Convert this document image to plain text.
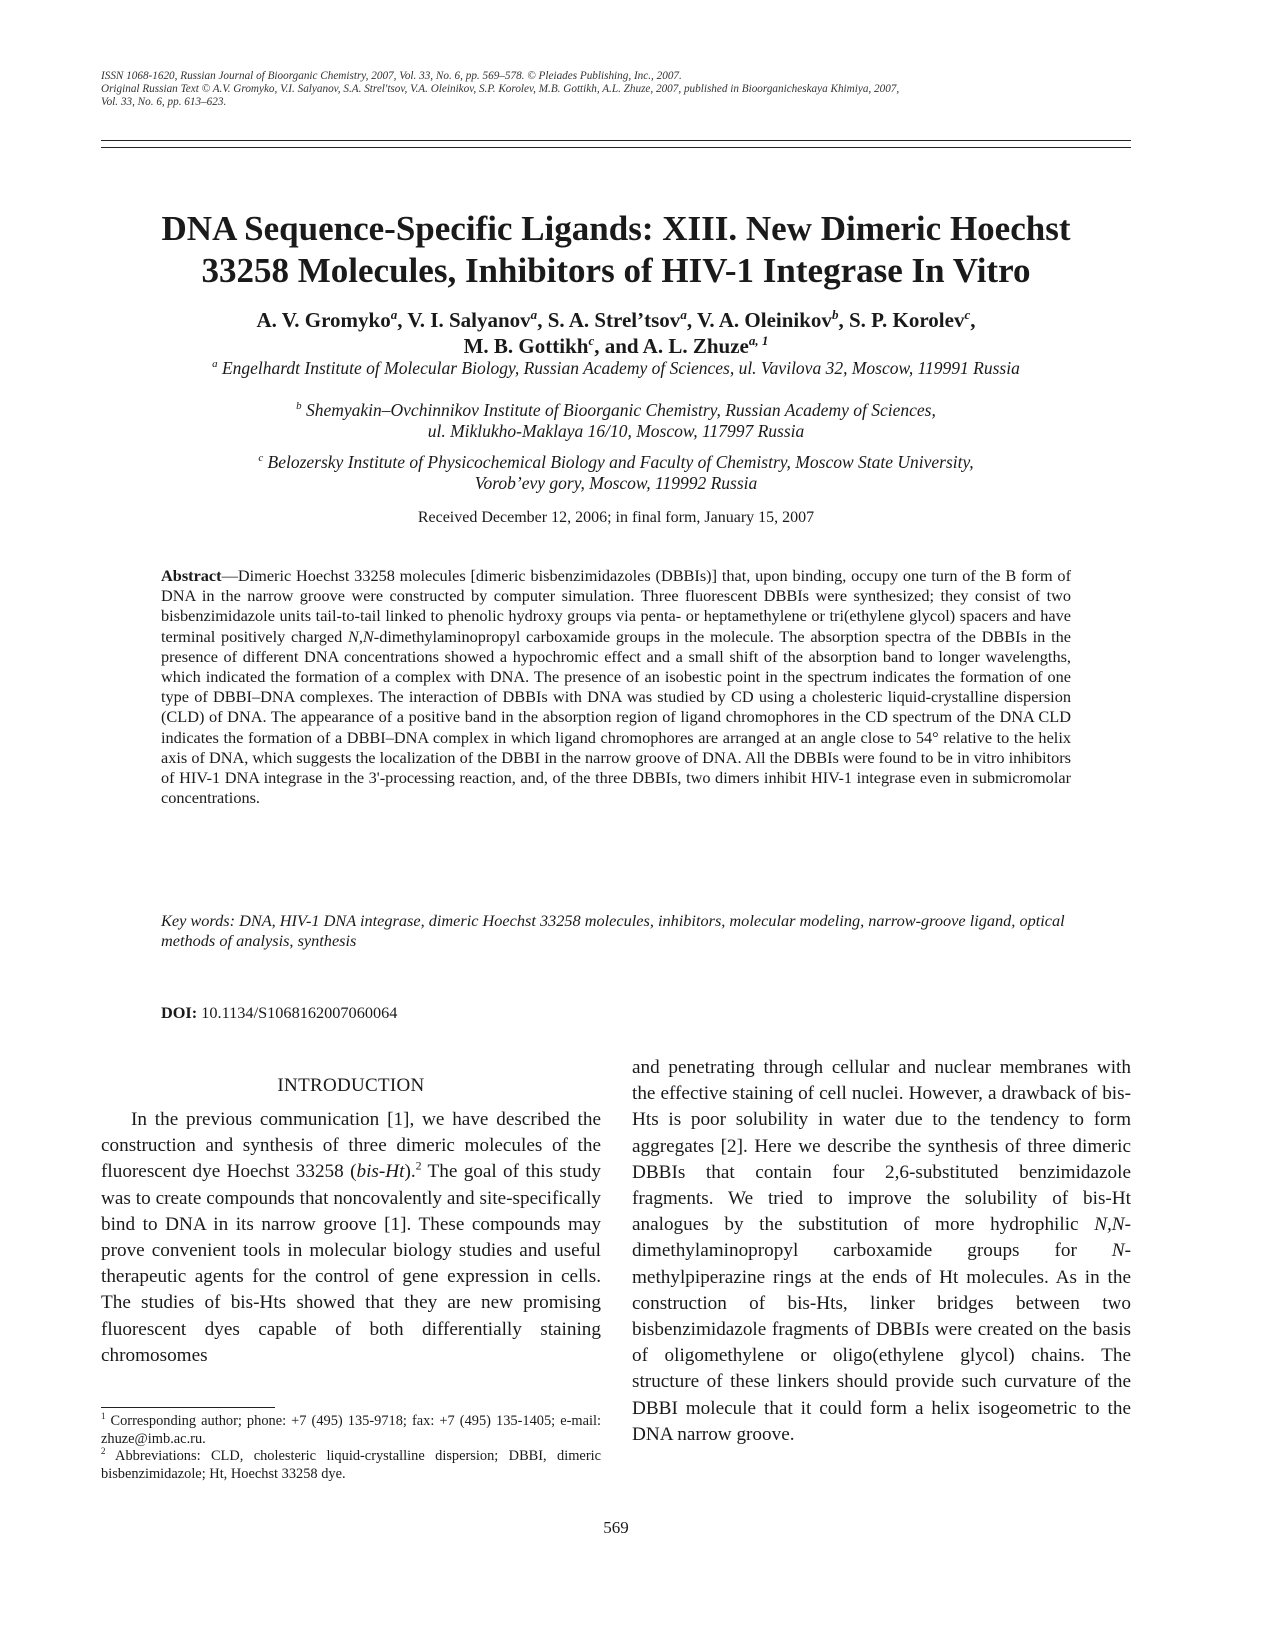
ISSN 1068-1620, Russian Journal of Bioorganic Chemistry, 2007, Vol. 33, No. 6, pp. 569–578. © Pleiades Publishing, Inc., 2007.
Original Russian Text © A.V. Gromyko, V.I. Salyanov, S.A. Strel'tsov, V.A. Oleinikov, S.P. Korolev, M.B. Gottikh, A.L. Zhuze, 2007, published in Bioorganicheskaya Khimiya, 2007,
Vol. 33, No. 6, pp. 613–623.
DNA Sequence-Specific Ligands: XIII. New Dimeric Hoechst
33258 Molecules, Inhibitors of HIV-1 Integrase In Vitro
A. V. Gromyko$^a$, V. I. Salyanov$^a$, S. A. Strel’tsov$^a$, V. A. Oleinikov$^b$, S. P. Korolev$^c$,
M. B. Gottikh$^c$, and A. L. Zhuze$^{a, 1}$
$^a$ Engelhardt Institute of Molecular Biology, Russian Academy of Sciences, ul. Vavilova 32, Moscow, 119991 Russia
$^b$ Shemyakin–Ovchinnikov Institute of Bioorganic Chemistry, Russian Academy of Sciences,
ul. Miklukho-Maklaya 16/10, Moscow, 117997 Russia
$^c$ Belozersky Institute of Physicochemical Biology and Faculty of Chemistry, Moscow State University,
Vorob’evy gory, Moscow, 119992 Russia
Received December 12, 2006; in final form, January 15, 2007
Abstract—Dimeric Hoechst 33258 molecules [dimeric bisbenzimidazoles (DBBIs)] that, upon binding, occupy one turn of the B form of DNA in the narrow groove were constructed by computer simulation. Three fluorescent DBBIs were synthesized; they consist of two bisbenzimidazole units tail-to-tail linked to phenolic hydroxy groups via penta- or heptamethylene or tri(ethylene glycol) spacers and have terminal positively charged N,N-dimethylaminopropyl carboxamide groups in the molecule. The absorption spectra of the DBBIs in the presence of different DNA concentrations showed a hypochromic effect and a small shift of the absorption band to longer wavelengths, which indicated the formation of a complex with DNA. The presence of an isobestic point in the spectrum indicates the formation of one type of DBBI–DNA complexes. The interaction of DBBIs with DNA was studied by CD using a cholesteric liquid-crystalline dispersion (CLD) of DNA. The appearance of a positive band in the absorption region of ligand chromophores in the CD spectrum of the DNA CLD indicates the formation of a DBBI–DNA complex in which ligand chromophores are arranged at an angle close to 54° relative to the helix axis of DNA, which suggests the localization of the DBBI in the narrow groove of DNA. All the DBBIs were found to be in vitro inhibitors of HIV-1 DNA integrase in the 3'-processing reaction, and, of the three DBBIs, two dimers inhibit HIV-1 integrase even in submicromolar concentrations.
Key words: DNA, HIV-1 DNA integrase, dimeric Hoechst 33258 molecules, inhibitors, molecular modeling, narrow-groove ligand, optical methods of analysis, synthesis
DOI: 10.1134/S1068162007060064
INTRODUCTION
In the previous communication [1], we have described the construction and synthesis of three dimeric molecules of the fluorescent dye Hoechst 33258 (bis-Ht).$^2$ The goal of this study was to create compounds that noncovalently and site-specifically bind to DNA in its narrow groove [1]. These compounds may prove convenient tools in molecular biology studies and useful therapeutic agents for the control of gene expression in cells. The studies of bis-Hts showed that they are new promising fluorescent dyes capable of both differentially staining chromosomes
$^1$ Corresponding author; phone: +7 (495) 135-9718; fax: +7 (495) 135-1405; e-mail: zhuze@imb.ac.ru.
$^2$ Abbreviations: CLD, cholesteric liquid-crystalline dispersion; DBBI, dimeric bisbenzimidazole; Ht, Hoechst 33258 dye.
and penetrating through cellular and nuclear membranes with the effective staining of cell nuclei. However, a drawback of bis-Hts is poor solubility in water due to the tendency to form aggregates [2]. Here we describe the synthesis of three dimeric DBBIs that contain four 2,6-substituted benzimidazole fragments. We tried to improve the solubility of bis-Ht analogues by the substitution of more hydrophilic N,N-dimethylaminopropyl carboxamide groups for N-methylpiperazine rings at the ends of Ht molecules. As in the construction of bis-Hts, linker bridges between two bisbenzimidazole fragments of DBBIs were created on the basis of oligomethylene or oligo(ethylene glycol) chains. The structure of these linkers should provide such curvature of the DBBI molecule that it could form a helix isogeometric to the DNA narrow groove.
569
